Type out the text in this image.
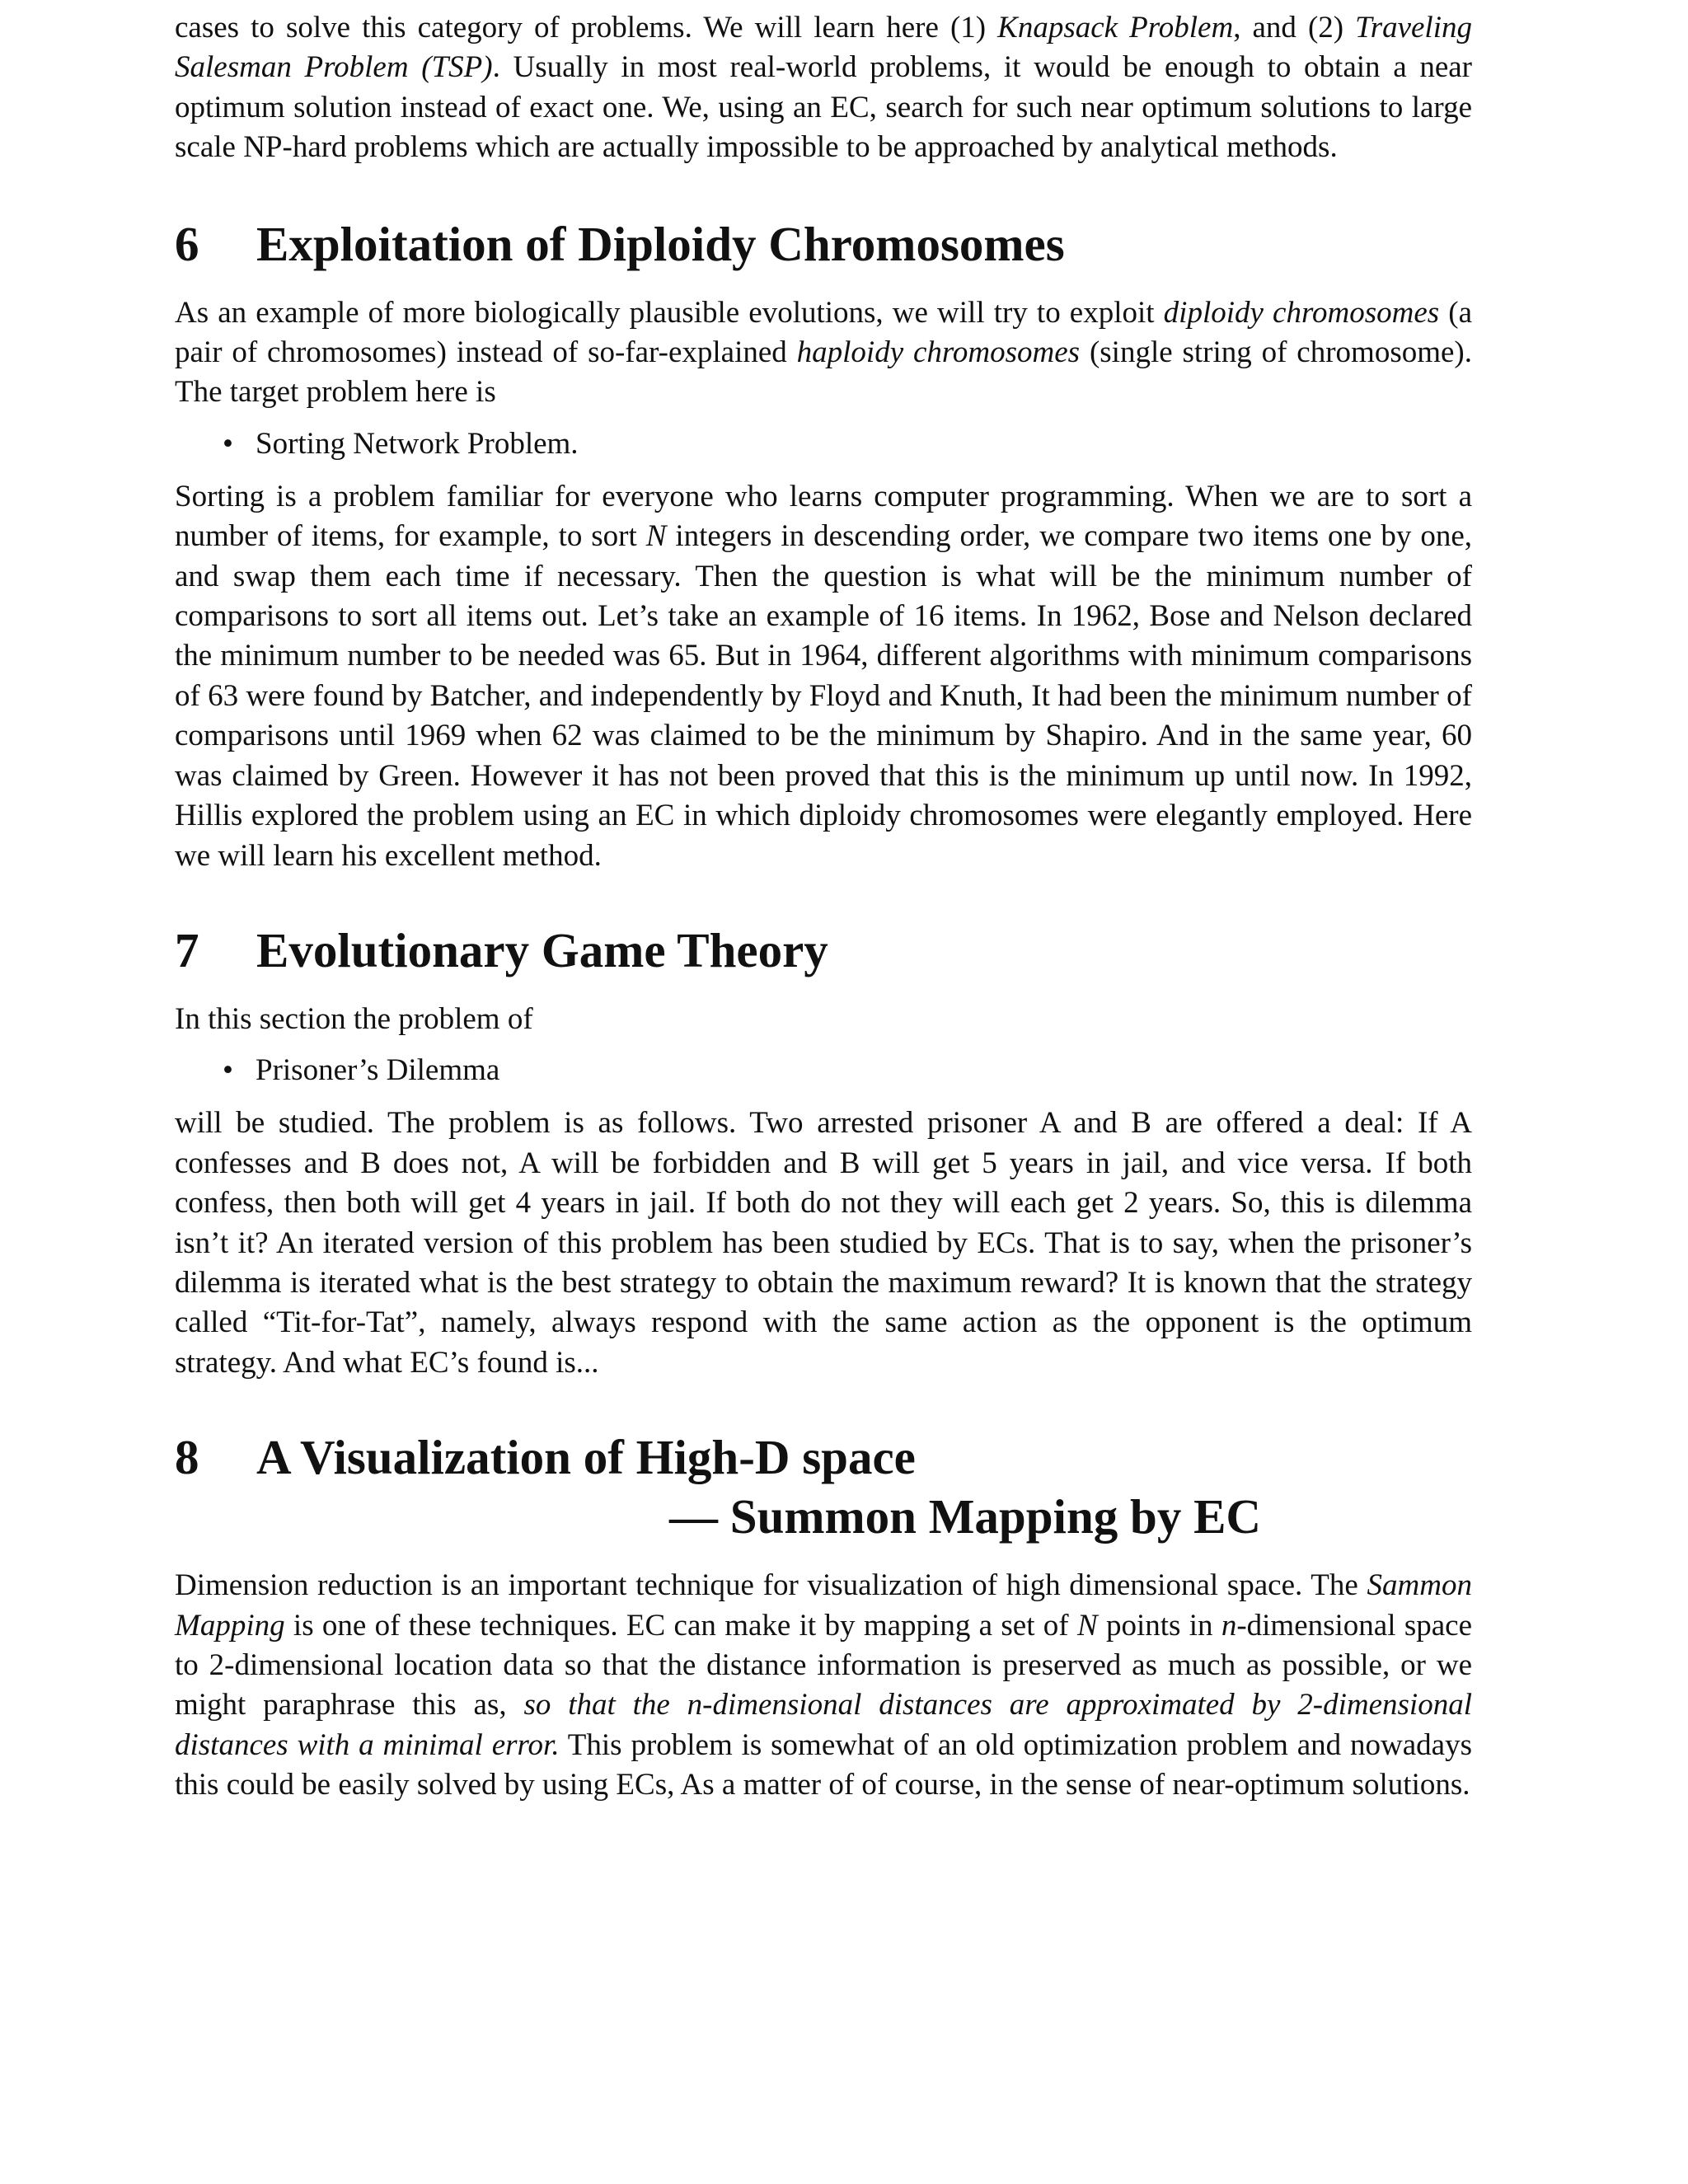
cases to solve this category of problems. We will learn here (1) Knapsack Problem, and (2) Traveling Salesman Problem (TSP). Usually in most real-world problems, it would be enough to obtain a near optimum solution instead of exact one. We, using an EC, search for such near optimum solutions to large scale NP-hard problems which are actually impossible to be approached by analytical methods.

6	Exploitation of Diploidy Chromosomes

As an example of more biologically plausible evolutions, we will try to exploit diploidy chromosomes (a pair of chromosomes) instead of so-far-explained haploidy chromosomes (single string of chromosome). The target problem here is

• Sorting Network Problem.

Sorting is a problem familiar for everyone who learns computer programming. When we are to sort a number of items, for example, to sort N integers in descending order, we compare two items one by one, and swap them each time if necessary. Then the question is what will be the minimum number of comparisons to sort all items out. Let’s take an example of 16 items. In 1962, Bose and Nelson declared the minimum number to be needed was 65. But in 1964, different algorithms with minimum comparisons of 63 were found by Batcher, and independently by Floyd and Knuth, It had been the minimum number of comparisons until 1969 when 62 was claimed to be the minimum by Shapiro. And in the same year, 60 was claimed by Green. However it has not been proved that this is the minimum up until now. In 1992, Hillis explored the problem using an EC in which diploidy chromosomes were elegantly employed. Here we will learn his excellent method.

7	Evolutionary Game Theory

In this section the problem of

• Prisoner’s Dilemma

will be studied. The problem is as follows. Two arrested prisoner A and B are offered a deal: If A confesses and B does not, A will be forbidden and B will get 5 years in jail, and vice versa. If both confess, then both will get 4 years in jail. If both do not they will each get 2 years. So, this is dilemma isn’t it? An iterated version of this problem has been studied by ECs. That is to say, when the prisoner’s dilemma is iterated what is the best strategy to obtain the maximum reward? It is known that the strategy called “Tit-for-Tat”, namely, always respond with the same action as the opponent is the optimum strategy. And what EC’s found is...

8	A Visualization of High-D space
— Summon Mapping by EC

Dimension reduction is an important technique for visualization of high dimensional space. The Sammon Mapping is one of these techniques. EC can make it by mapping a set of N points in n-dimensional space to 2-dimensional location data so that the distance information is preserved as much as possible, or we might paraphrase this as, so that the n-dimensional distances are approximated by 2-dimensional distances with a minimal error. This problem is somewhat of an old optimization problem and nowadays this could be easily solved by using ECs, As a matter of of course, in the sense of near-optimum solutions.
